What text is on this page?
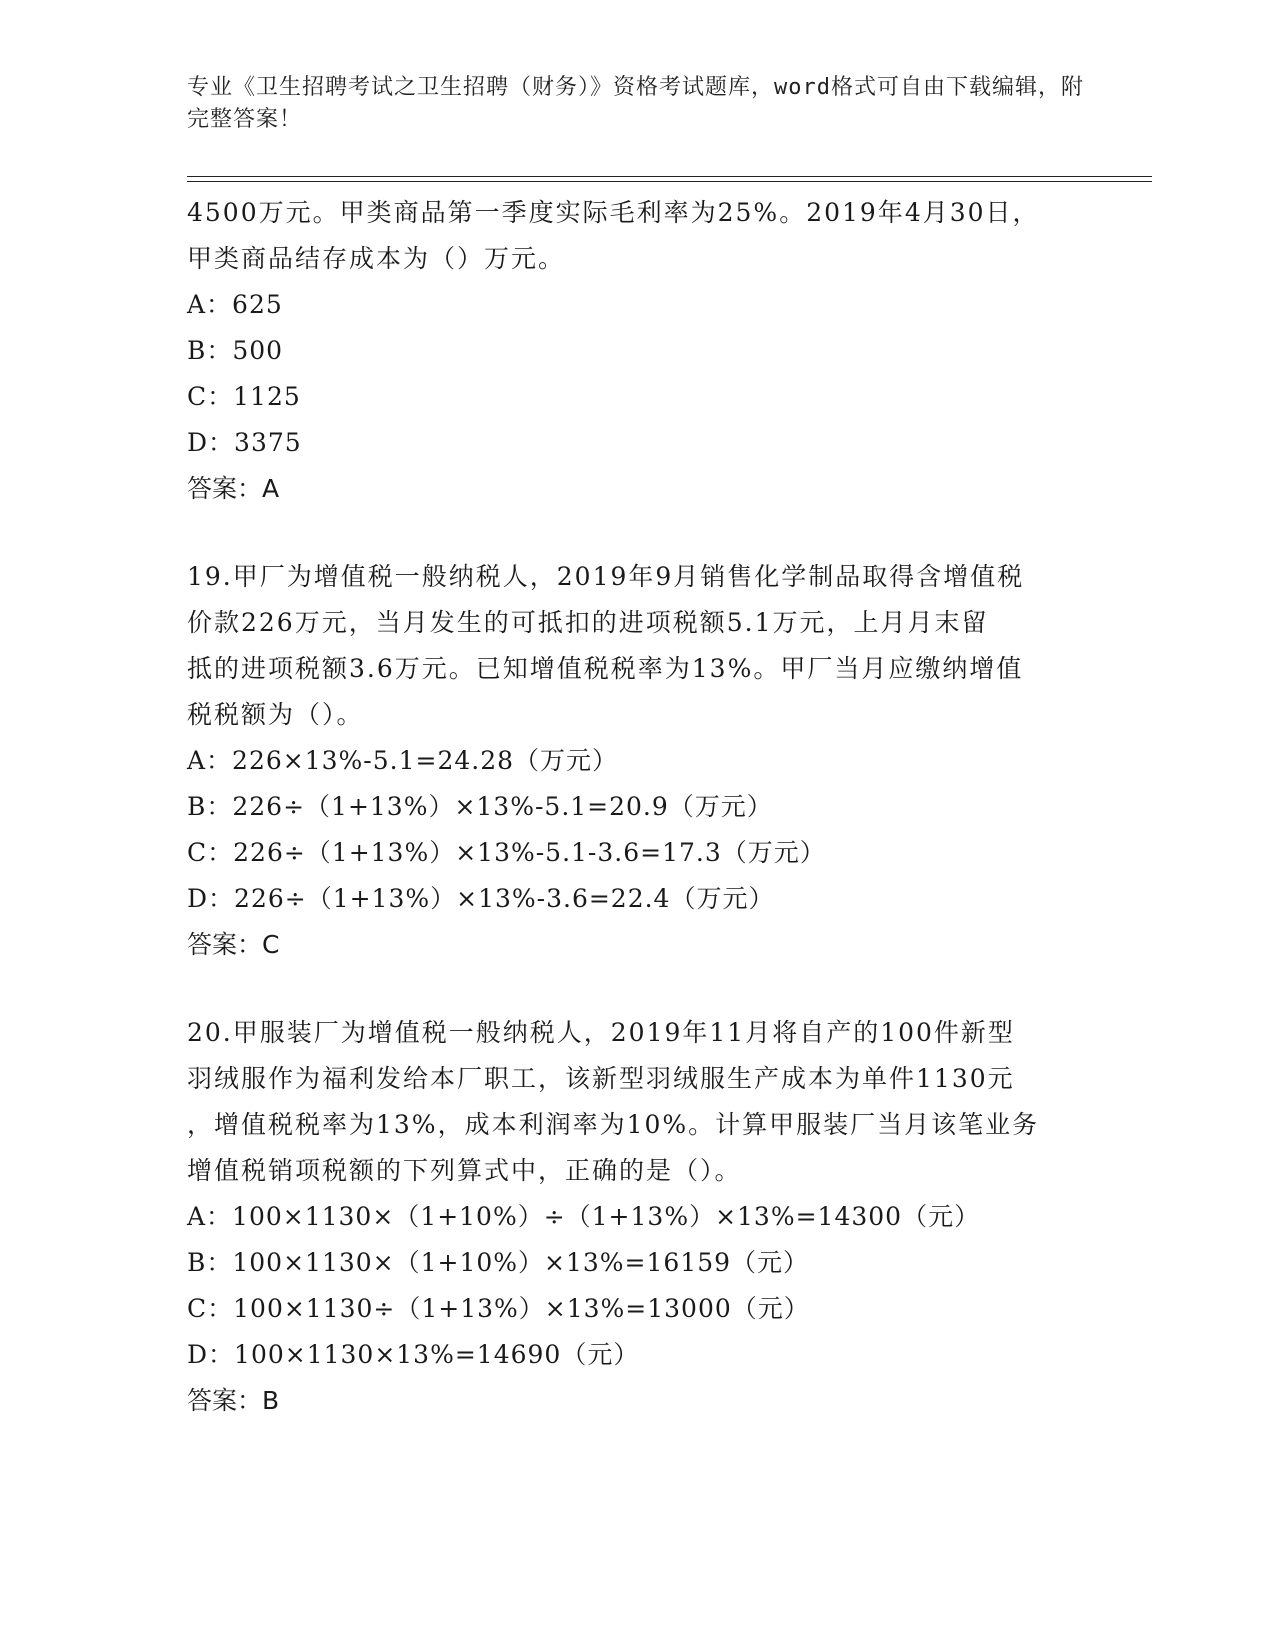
专业《卫生招聘考试之卫生招聘（财务）》资格考试题库，word格式可自由下载编辑，附完整答案！

4500万元。甲类商品第一季度实际毛利率为25%。2019年4月30日，

甲类商品结存成本为（）万元。

A：625

B：500

C：1125

D：3375

答案：A

19.甲厂为增值税一般纳税人，2019年9月销售化学制品取得含增值税

价款226万元，当月发生的可抵扣的进项税额5.1万元，上月月末留

抵的进项税额3.6万元。已知增值税税率为13%。甲厂当月应缴纳增值

税税额为（）。

A：226×13%-5.1=24.28（万元）

B：226÷（1+13%）×13%-5.1=20.9（万元）

C：226÷（1+13%）×13%-5.1-3.6=17.3（万元）

D：226÷（1+13%）×13%-3.6=22.4（万元）

答案：C

20.甲服装厂为增值税一般纳税人，2019年11月将自产的100件新型

羽绒服作为福利发给本厂职工，该新型羽绒服生产成本为单件1130元

，增值税税率为13%，成本利润率为10%。计算甲服装厂当月该笔业务

增值税销项税额的下列算式中，正确的是（）。

A：100×1130×（1+10%）÷（1+13%）×13%=14300（元）

B：100×1130×（1+10%）×13%=16159（元）

C：100×1130÷（1+13%）×13%=13000（元）

D：100×1130×13%=14690（元）

答案：B
